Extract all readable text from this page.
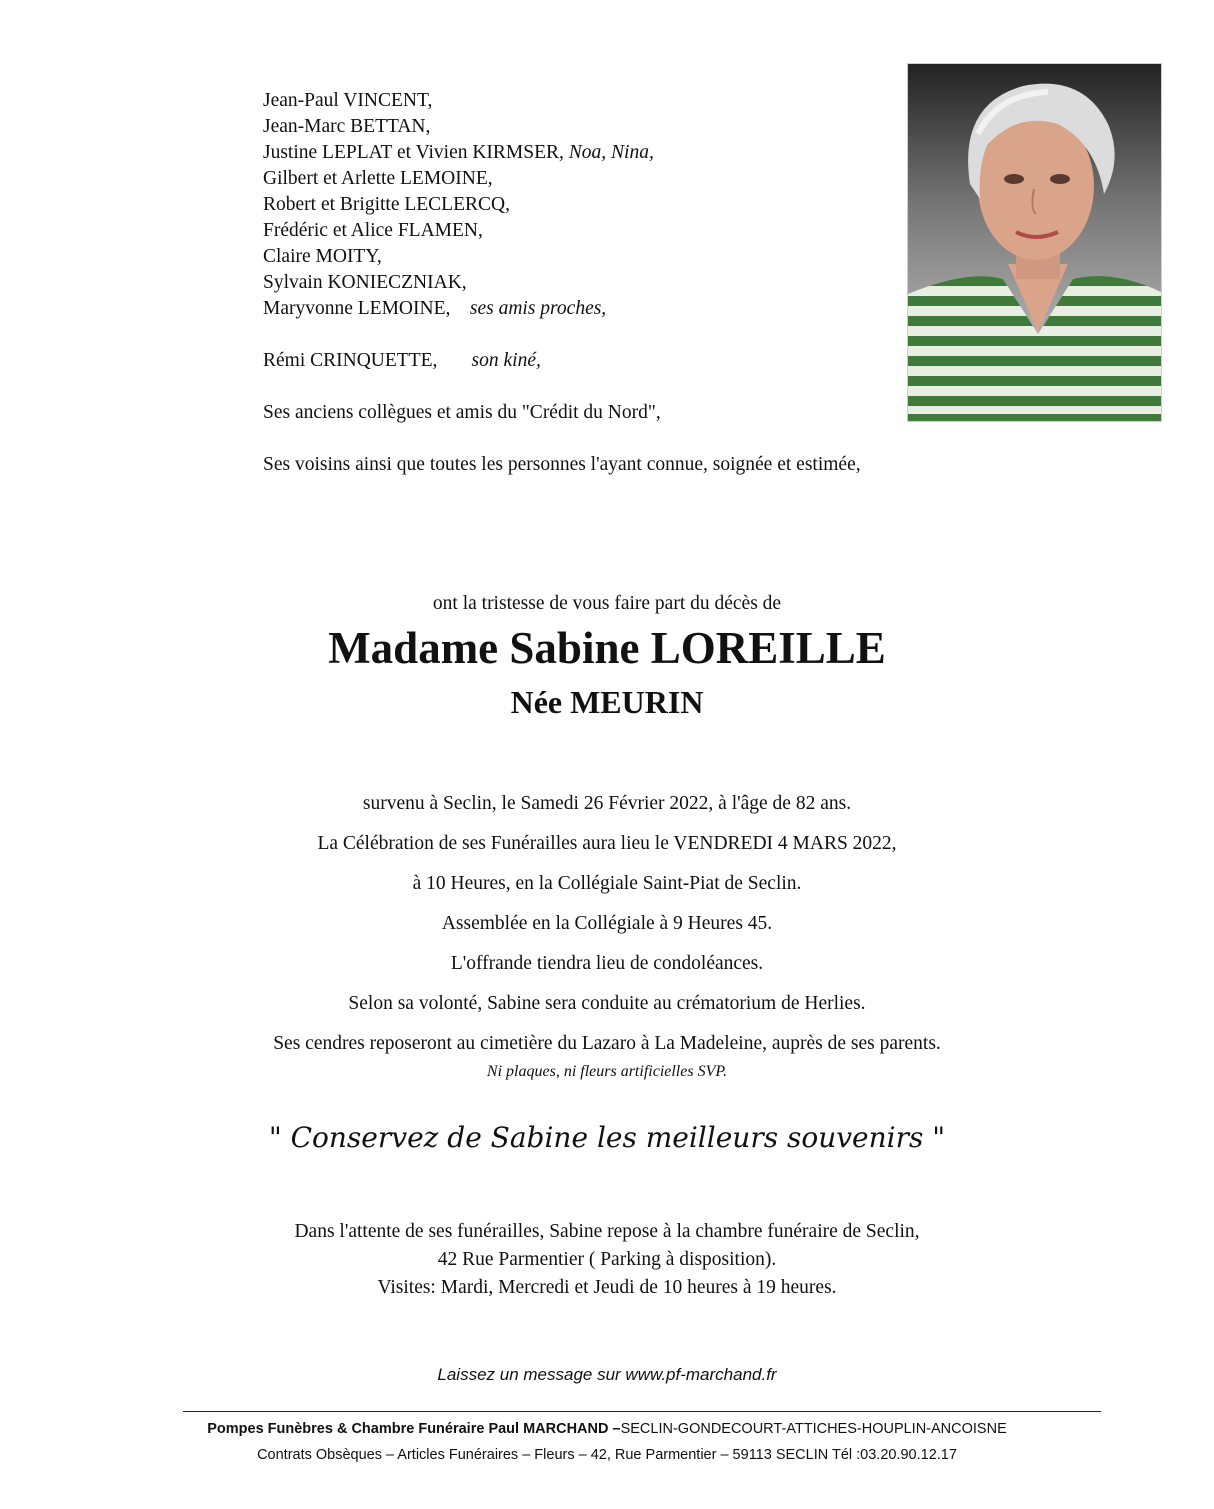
Jean-Paul VINCENT,
Jean-Marc BETTAN,
Justine LEPLAT et Vivien KIRMSER, Noa, Nina,
Gilbert et Arlette LEMOINE,
Robert et Brigitte LECLERCQ,
Frédéric et Alice FLAMEN,
Claire MOITY,
Sylvain KONIECZNIAK,
Maryvonne LEMOINE, ses amis proches,
Rémi CRINQUETTE, son kiné,
Ses anciens collègues et amis du "Crédit du Nord",
Ses voisins ainsi que toutes les personnes l'ayant connue, soignée et estimée,
ont la tristesse de vous faire part du décès de
Madame Sabine LOREILLE
Née MEURIN
survenu à Seclin, le Samedi 26 Février 2022, à l'âge de 82 ans.
La Célébration de ses Funérailles aura lieu le VENDREDI 4 MARS 2022,
à 10 Heures, en la Collégiale Saint-Piat de Seclin.
Assemblée en la Collégiale à 9 Heures 45.
L'offrande tiendra lieu de condoléances.
Selon sa volonté, Sabine sera conduite au crématorium de Herlies.
Ses cendres reposeront au cimetière du Lazaro à La Madeleine, auprès de ses parents.
Ni plaques, ni fleurs artificielles SVP.
" Conservez de Sabine les meilleurs souvenirs "
Dans l'attente de ses funérailles, Sabine repose à la chambre funéraire de Seclin,
42 Rue Parmentier ( Parking à disposition).
Visites: Mardi, Mercredi et Jeudi de 10 heures à 19 heures.
Laissez un message sur www.pf-marchand.fr
Pompes Funèbres & Chambre Funéraire Paul MARCHAND –SECLIN-GONDECOURT-ATTICHES-HOUPLIN-ANCOISNE
Contrats Obsèques – Articles Funéraires – Fleurs – 42, Rue Parmentier – 59113 SECLIN Tél :03.20.90.12.17
